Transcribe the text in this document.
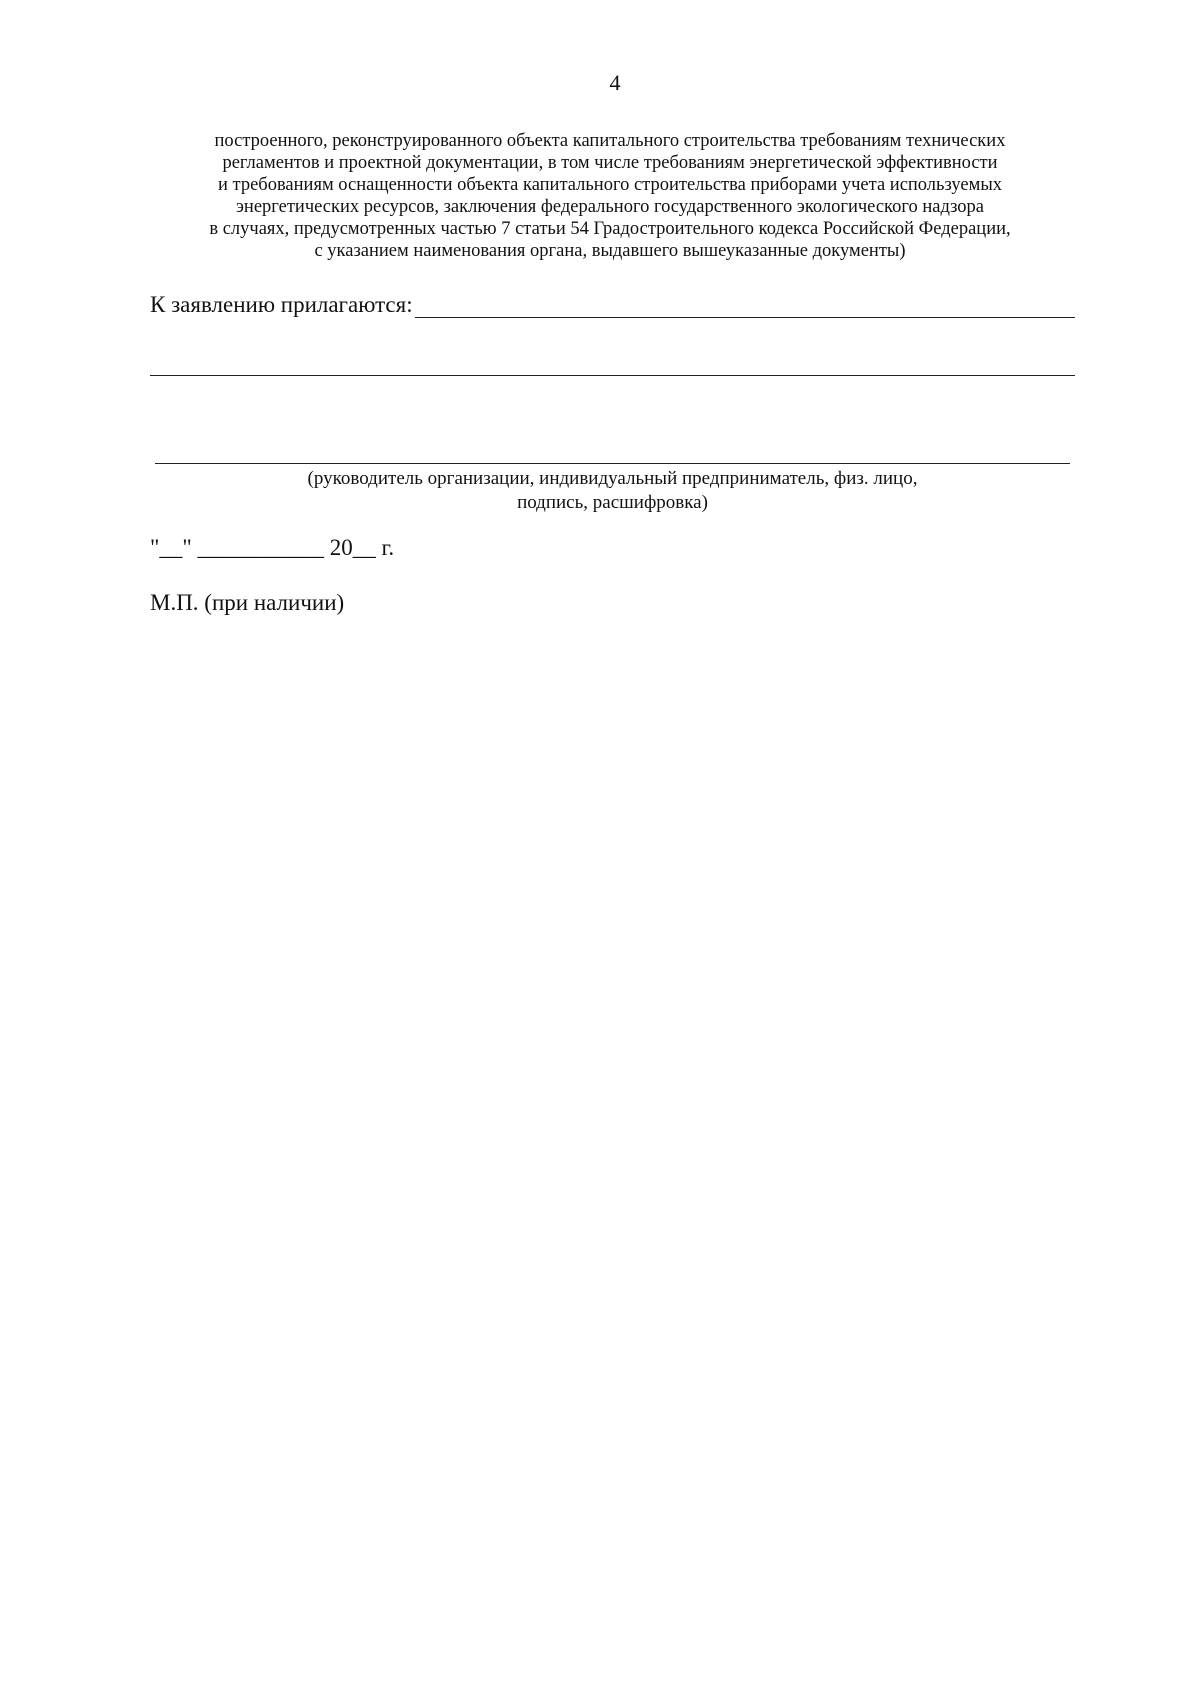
4
построенного, реконструированного объекта капитального строительства требованиям технических
регламентов и проектной документации, в том числе требованиям энергетической эффективности
и требованиям оснащенности объекта капитального строительства приборами учета используемых
энергетических ресурсов, заключения федерального государственного экологического надзора
в случаях, предусмотренных частью 7 статьи 54 Градостроительного кодекса Российской Федерации,
с указанием наименования органа, выдавшего вышеуказанные документы)
К заявлению прилагаются:
(руководитель организации, индивидуальный предприниматель, физ. лицо,
подпись, расшифровка)
"__" ___________ 20__ г.
М.П. (при наличии)
